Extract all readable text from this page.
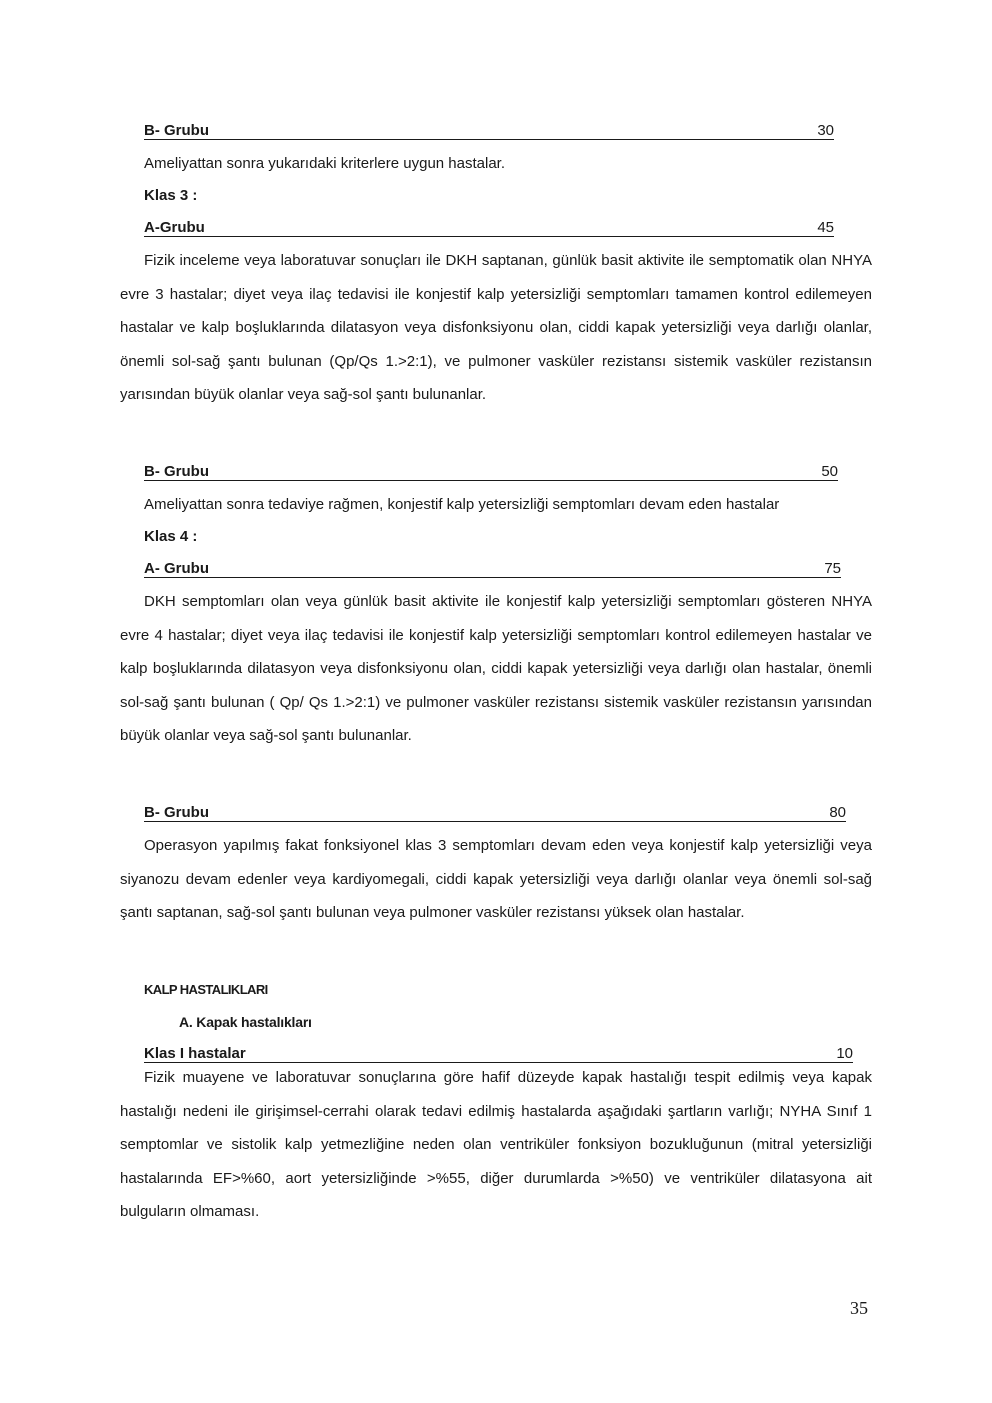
B- Grubu	30
Ameliyattan sonra yukarıdaki kriterlere uygun hastalar.
Klas 3 :
A-Grubu	45

Fizik inceleme veya laboratuvar sonuçları ile DKH saptanan, günlük basit aktivite ile semptomatik olan NHYA evre 3 hastalar; diyet veya ilaç tedavisi ile konjestif kalp yetersizliği semptomları tamamen kontrol edilemeyen hastalar ve kalp boşluklarında dilatasyon veya disfonksiyonu olan, ciddi kapak yetersizliği veya darlığı olanlar, önemli sol-sağ şantı bulunan (Qp/Qs 1.>2:1), ve pulmoner vasküler rezistansı sistemik vasküler rezistansın yarısından büyük olanlar veya sağ-sol şantı bulunanlar.

B- Grubu	50
Ameliyattan sonra tedaviye rağmen, konjestif kalp yetersizliği semptomları devam eden hastalar
Klas 4 :
A- Grubu	75

DKH semptomları olan veya günlük basit aktivite ile konjestif kalp yetersizliği semptomları gösteren NHYA evre 4 hastalar; diyet veya ilaç tedavisi ile konjestif kalp yetersizliği semptomları kontrol edilemeyen hastalar ve kalp boşluklarında dilatasyon veya disfonksiyonu olan, ciddi kapak yetersizliği veya darlığı olan hastalar, önemli sol-sağ şantı bulunan ( Qp/ Qs 1.>2:1) ve pulmoner vasküler rezistansı sistemik vasküler rezistansın yarısından büyük olanlar veya sağ-sol şantı bulunanlar.

B- Grubu	80

Operasyon yapılmış fakat fonksiyonel klas 3 semptomları devam eden veya konjestif kalp yetersizliği veya siyanozu devam edenler veya kardiyomegali, ciddi kapak yetersizliği veya darlığı olanlar veya önemli sol-sağ şantı saptanan, sağ-sol şantı bulunan veya pulmoner vasküler rezistansı yüksek olan hastalar.

KALP HASTALIKLARI
A. Kapak hastalıkları
Klas I hastalar	10

Fizik muayene ve laboratuvar sonuçlarına göre hafif düzeyde kapak hastalığı tespit edilmiş veya kapak hastalığı nedeni ile girişimsel-cerrahi olarak tedavi edilmiş hastalarda aşağıdaki şartların varlığı; NYHA Sınıf 1 semptomlar ve sistolik kalp yetmezliğine neden olan ventriküler fonksiyon bozukluğunun (mitral yetersizliği hastalarında EF>%60, aort yetersizliğinde >%55, diğer durumlarda >%50) ve ventriküler dilatasyona ait bulguların olmaması.

35
